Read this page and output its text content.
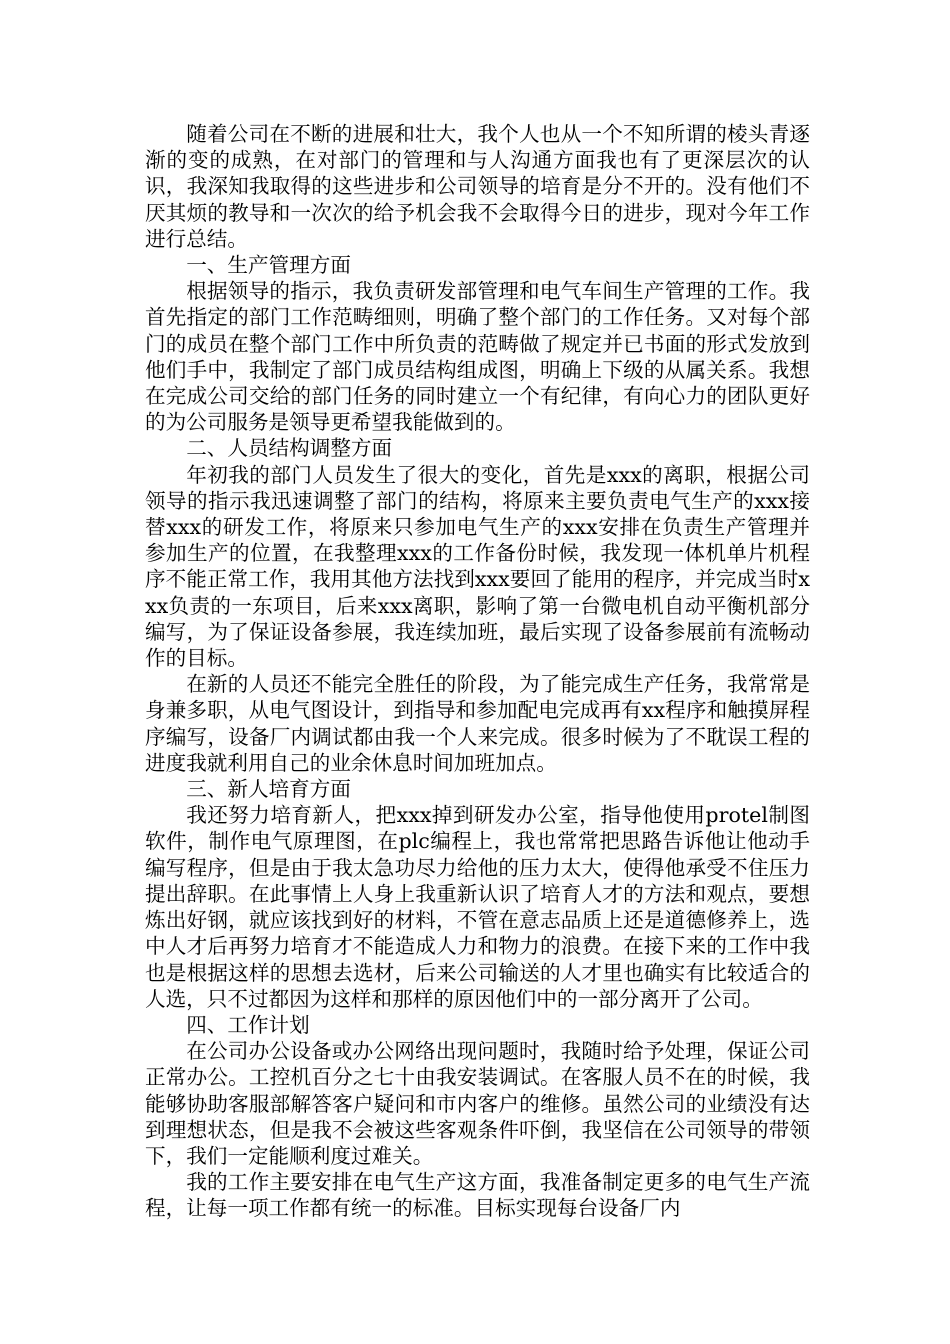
随着公司在不断的进展和壮大，我个人也从一个不知所谓的棱头青逐渐的变的成熟，在对部门的管理和与人沟通方面我也有了更深层次的认识，我深知我取得的这些进步和公司领导的培育是分不开的。没有他们不厌其烦的教导和一次次的给予机会我不会取得今日的进步，现对今年工作进行总结。

一、生产管理方面

根据领导的指示，我负责研发部管理和电气车间生产管理的工作。我首先指定的部门工作范畴细则，明确了整个部门的工作任务。又对每个部门的成员在整个部门工作中所负责的范畴做了规定并已书面的形式发放到他们手中，我制定了部门成员结构组成图，明确上下级的从属关系。我想在完成公司交给的部门任务的同时建立一个有纪律，有向心力的团队更好的为公司服务是领导更希望我能做到的。

二、人员结构调整方面

年初我的部门人员发生了很大的变化，首先是xxx的离职，根据公司领导的指示我迅速调整了部门的结构，将原来主要负责电气生产的xxx接替xxx的研发工作，将原来只参加电气生产的xxx安排在负责生产管理并参加生产的位置，在我整理xxx的工作备份时候，我发现一体机单片机程序不能正常工作，我用其他方法找到xxx要回了能用的程序，并完成当时xxx负责的一东项目，后来xxx离职，影响了第一台微电机自动平衡机部分编写，为了保证设备参展，我连续加班，最后实现了设备参展前有流畅动作的目标。

在新的人员还不能完全胜任的阶段，为了能完成生产任务，我常常是身兼多职，从电气图设计，到指导和参加配电完成再有xx程序和触摸屏程序编写，设备厂内调试都由我一个人来完成。很多时候为了不耽误工程的进度我就利用自己的业余休息时间加班加点。

三、新人培育方面

我还努力培育新人，把xxx掉到研发办公室，指导他使用protel制图软件，制作电气原理图，在plc编程上，我也常常把思路告诉他让他动手编写程序，但是由于我太急功尽力给他的压力太大，使得他承受不住压力提出辞职。在此事情上人身上我重新认识了培育人才的方法和观点，要想炼出好钢，就应该找到好的材料，不管在意志品质上还是道德修养上，选中人才后再努力培育才不能造成人力和物力的浪费。在接下来的工作中我也是根据这样的思想去选材，后来公司输送的人才里也确实有比较适合的人选，只不过都因为这样和那样的原因他们中的一部分离开了公司。

四、工作计划

在公司办公设备或办公网络出现问题时，我随时给予处理，保证公司正常办公。工控机百分之七十由我安装调试。在客服人员不在的时候，我能够协助客服部解答客户疑问和市内客户的维修。虽然公司的业绩没有达到理想状态，但是我不会被这些客观条件吓倒，我坚信在公司领导的带领下，我们一定能顺利度过难关。

我的工作主要安排在电气生产这方面，我准备制定更多的电气生产流程，让每一项工作都有统一的标准。目标实现每台设备厂内
